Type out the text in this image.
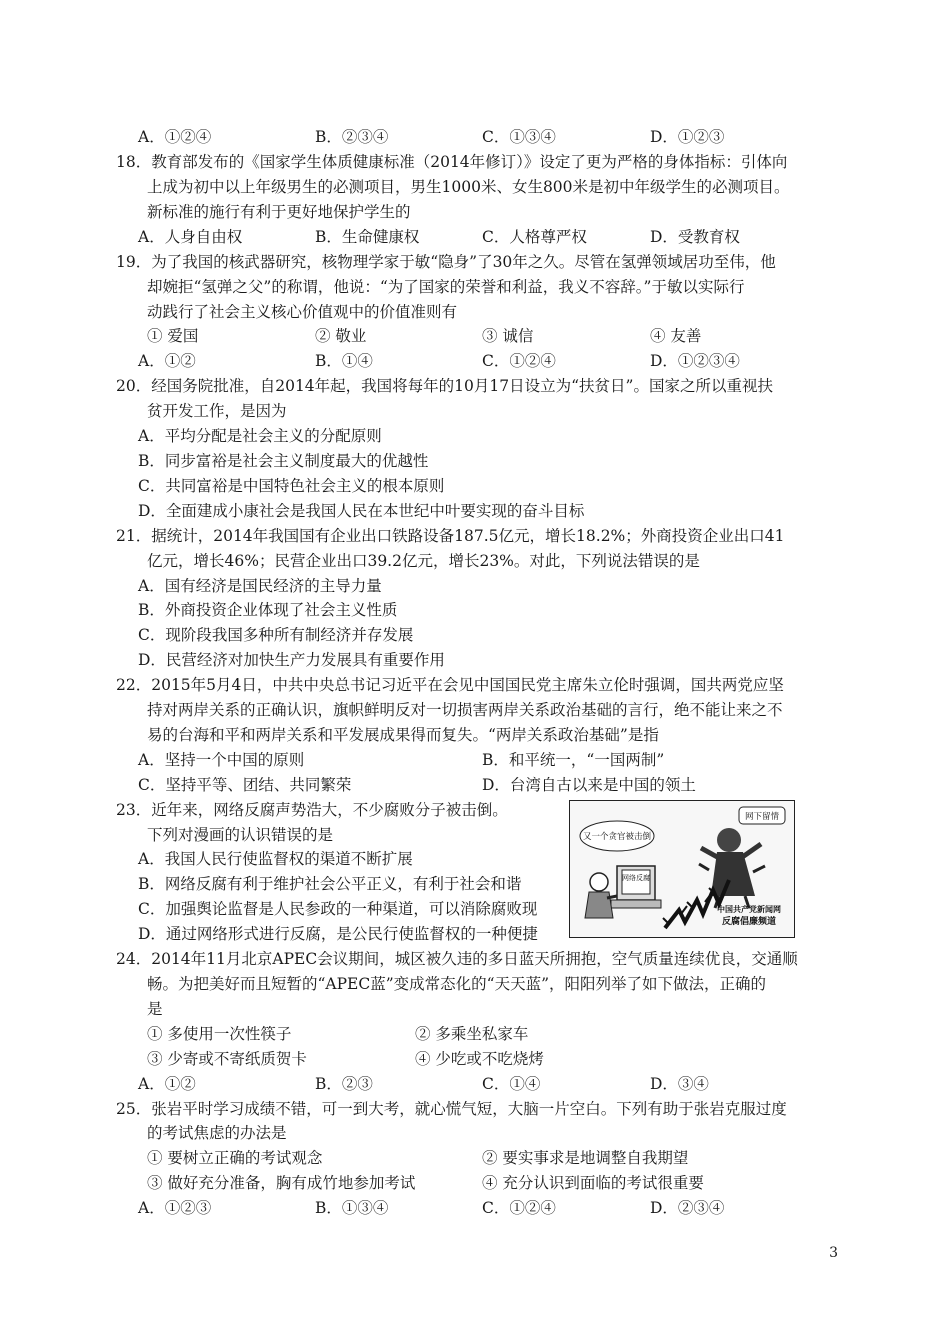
A．①②④	B．②③④	C．①③④	D．①②③
18．教育部发布的《国家学生体质健康标准（2014年修订）》设定了更为严格的身体指标：引体向
上成为初中以上年级男生的必测项目，男生1000米、女生800米是初中年级学生的必测项目。
新标准的施行有利于更好地保护学生的
A．人身自由权	B．生命健康权	C．人格尊严权	D．受教育权
19．为了我国的核武器研究，核物理学家于敏“隐身”了30年之久。尽管在氢弹领域居功至伟，他
却婉拒“氢弹之父”的称谓，他说：“为了国家的荣誉和利益，我义不容辞。”于敏以实际行
动践行了社会主义核心价值观中的价值准则有
① 爱国	② 敬业	③ 诚信	④ 友善
A．①②	B．①④	C．①②④	D．①②③④
20．经国务院批准，自2014年起，我国将每年的10月17日设立为“扶贫日”。国家之所以重视扶
贫开发工作，是因为
A．平均分配是社会主义的分配原则
B．同步富裕是社会主义制度最大的优越性
C．共同富裕是中国特色社会主义的根本原则
D．全面建成小康社会是我国人民在本世纪中叶要实现的奋斗目标
21．据统计，2014年我国国有企业出口铁路设备187.5亿元，增长18.2%；外商投资企业出口41
亿元，增长46%；民营企业出口39.2亿元，增长23%。对此，下列说法错误的是
A．国有经济是国民经济的主导力量
B．外商投资企业体现了社会主义性质
C．现阶段我国多种所有制经济并存发展
D．民营经济对加快生产力发展具有重要作用
22．2015年5月4日，中共中央总书记习近平在会见中国国民党主席朱立伦时强调，国共两党应坚
持对两岸关系的正确认识，旗帜鲜明反对一切损害两岸关系政治基础的言行，绝不能让来之不
易的台海和平和两岸关系和平发展成果得而复失。“两岸关系政治基础”是指
A．坚持一个中国的原则	B．和平统一，“一国两制”
C．坚持平等、团结、共同繁荣	D．台湾自古以来是中国的领土
23．近年来，网络反腐声势浩大，不少腐败分子被击倒。
下列对漫画的认识错误的是
A．我国人民行使监督权的渠道不断扩展
B．网络反腐有利于维护社会公平正义，有利于社会和谐
C．加强舆论监督是人民参政的一种渠道，可以消除腐败现
D．通过网络形式进行反腐，是公民行使监督权的一种便捷
又一个贪官被击倒
网下留情
网络反腐
中国共产党新闻网
反腐倡廉频道
24．2014年11月北京APEC会议期间，城区被久违的多日蓝天所拥抱，空气质量连续优良，交通顺
畅。为把美好而且短暂的“APEC蓝”变成常态化的“天天蓝”，阳阳列举了如下做法，正确的
是
① 多使用一次性筷子	② 多乘坐私家车
③ 少寄或不寄纸质贺卡	④ 少吃或不吃烧烤
A．①②	B．②③	C．①④	D．③④
25．张岩平时学习成绩不错，可一到大考，就心慌气短，大脑一片空白。下列有助于张岩克服过度
的考试焦虑的办法是
① 要树立正确的考试观念	② 要实事求是地调整自我期望
③ 做好充分准备，胸有成竹地参加考试	④ 充分认识到面临的考试很重要
A．①②③	B．①③④	C．①②④	D．②③④
3
